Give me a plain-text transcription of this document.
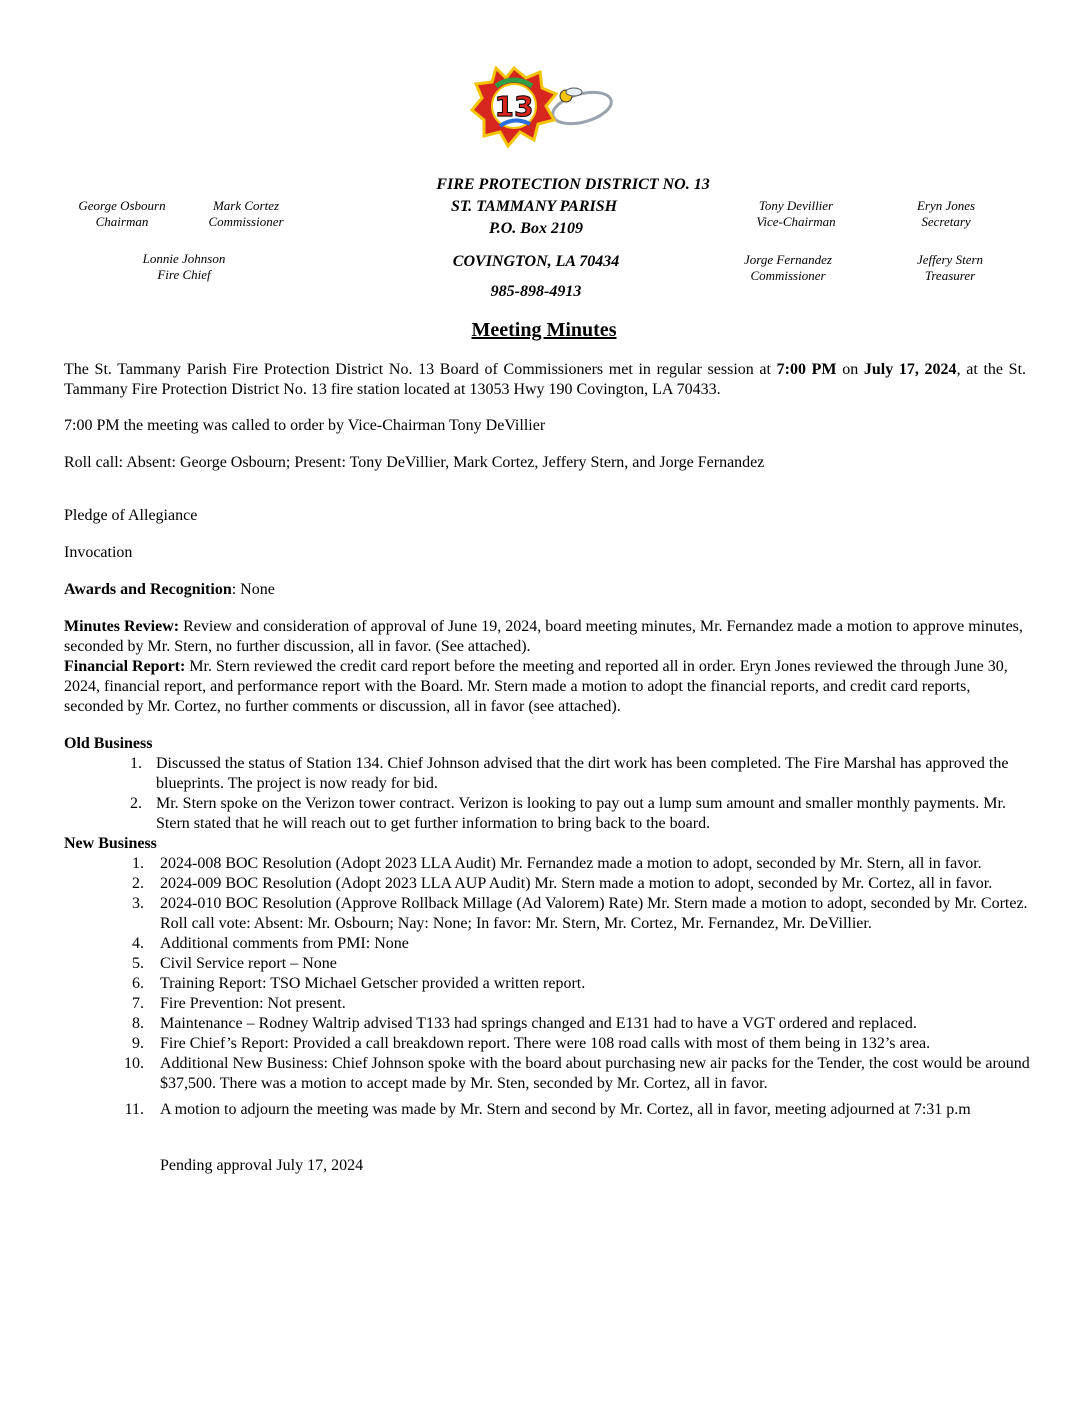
13
George Osbourn
Chairman
Mark Cortez
Commissioner
Lonnie Johnson
Fire Chief
FIRE PROTECTION DISTRICT NO. 13
ST. TAMMANY PARISH
P.O. Box 2109
COVINGTON, LA 70434
985-898-4913
Tony Devillier
Vice-Chairman
Eryn Jones
Secretary
Jorge Fernandez
Commissioner
Jeffery Stern
Treasurer
Meeting Minutes

The St. Tammany Parish Fire Protection District No. 13 Board of Commissioners met in regular session at 7:00 PM on July 17, 2024, at the St. Tammany Fire Protection District No. 13 fire station located at 13053 Hwy 190 Covington, LA 70433.

7:00 PM the meeting was called to order by Vice-Chairman Tony DeVillier

Roll call: Absent: George Osbourn; Present: Tony DeVillier, Mark Cortez, Jeffery Stern, and Jorge Fernandez

Pledge of Allegiance

Invocation

Awards and Recognition: None

Minutes Review: Review and consideration of approval of June 19, 2024, board meeting minutes, Mr. Fernandez made a motion to approve minutes, seconded by Mr. Stern, no further discussion, all in favor. (See attached).

Financial Report: Mr. Stern reviewed the credit card report before the meeting and reported all in order. Eryn Jones reviewed the through June 30, 2024, financial report, and performance report with the Board. Mr. Stern made a motion to adopt the financial reports, and credit card reports, seconded by Mr. Cortez, no further comments or discussion, all in favor (see attached).

Old Business
1. Discussed the status of Station 134. Chief Johnson advised that the dirt work has been completed. The Fire Marshal has approved the blueprints. The project is now ready for bid.
2. Mr. Stern spoke on the Verizon tower contract. Verizon is looking to pay out a lump sum amount and smaller monthly payments. Mr. Stern stated that he will reach out to get further information to bring back to the board.
New Business
1. 2024-008 BOC Resolution (Adopt 2023 LLA Audit) Mr. Fernandez made a motion to adopt, seconded by Mr. Stern, all in favor.
2. 2024-009 BOC Resolution (Adopt 2023 LLA AUP Audit) Mr. Stern made a motion to adopt, seconded by Mr. Cortez, all in favor.
3. 2024-010 BOC Resolution (Approve Rollback Millage (Ad Valorem) Rate) Mr. Stern made a motion to adopt, seconded by Mr. Cortez. Roll call vote: Absent: Mr. Osbourn; Nay: None; In favor: Mr. Stern, Mr. Cortez, Mr. Fernandez, Mr. DeVillier.
4. Additional comments from PMI: None
5. Civil Service report – None
6. Training Report: TSO Michael Getscher provided a written report.
7. Fire Prevention: Not present.
8. Maintenance – Rodney Waltrip advised T133 had springs changed and E131 had to have a VGT ordered and replaced.
9. Fire Chief’s Report: Provided a call breakdown report. There were 108 road calls with most of them being in 132’s area.
10. Additional New Business: Chief Johnson spoke with the board about purchasing new air packs for the Tender, the cost would be around $37,500. There was a motion to accept made by Mr. Sten, seconded by Mr. Cortez, all in favor.
11. A motion to adjourn the meeting was made by Mr. Stern and second by Mr. Cortez, all in favor, meeting adjourned at 7:31 p.m

Pending approval July 17, 2024
